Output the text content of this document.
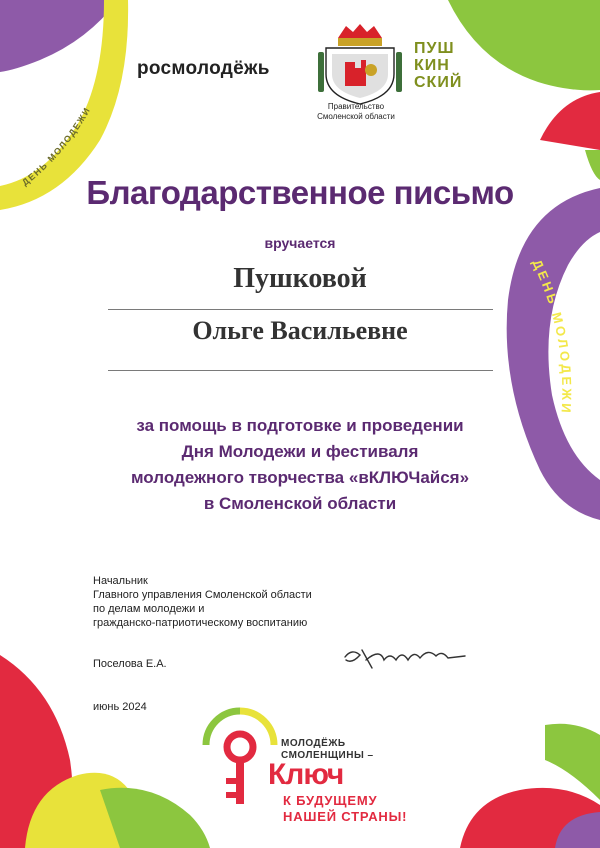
ДЕНЬ МОЛОДЕЖИ
ДЕНЬ МОЛОДЕЖИ
росмолодёжь
Правительство
Смоленской области
ПУШ
КИН
СКИЙ
Благодарственное письмо
вручается
Пушковой
Ольге Васильевне
за помощь в подготовке и проведении
Дня Молодежи и фестиваля
молодежного творчества «вКЛЮЧайся»
в Смоленской области
Начальник
Главного управления Смоленской области
по делам молодежи и
гражданско-патриотическому воспитанию
Поселова Е.А.
июнь 2024
МОЛОДЁЖЬ
СМОЛЕНЩИНЫ –
Ключ
К БУДУЩЕМУ
НАШЕЙ СТРАНЫ!
